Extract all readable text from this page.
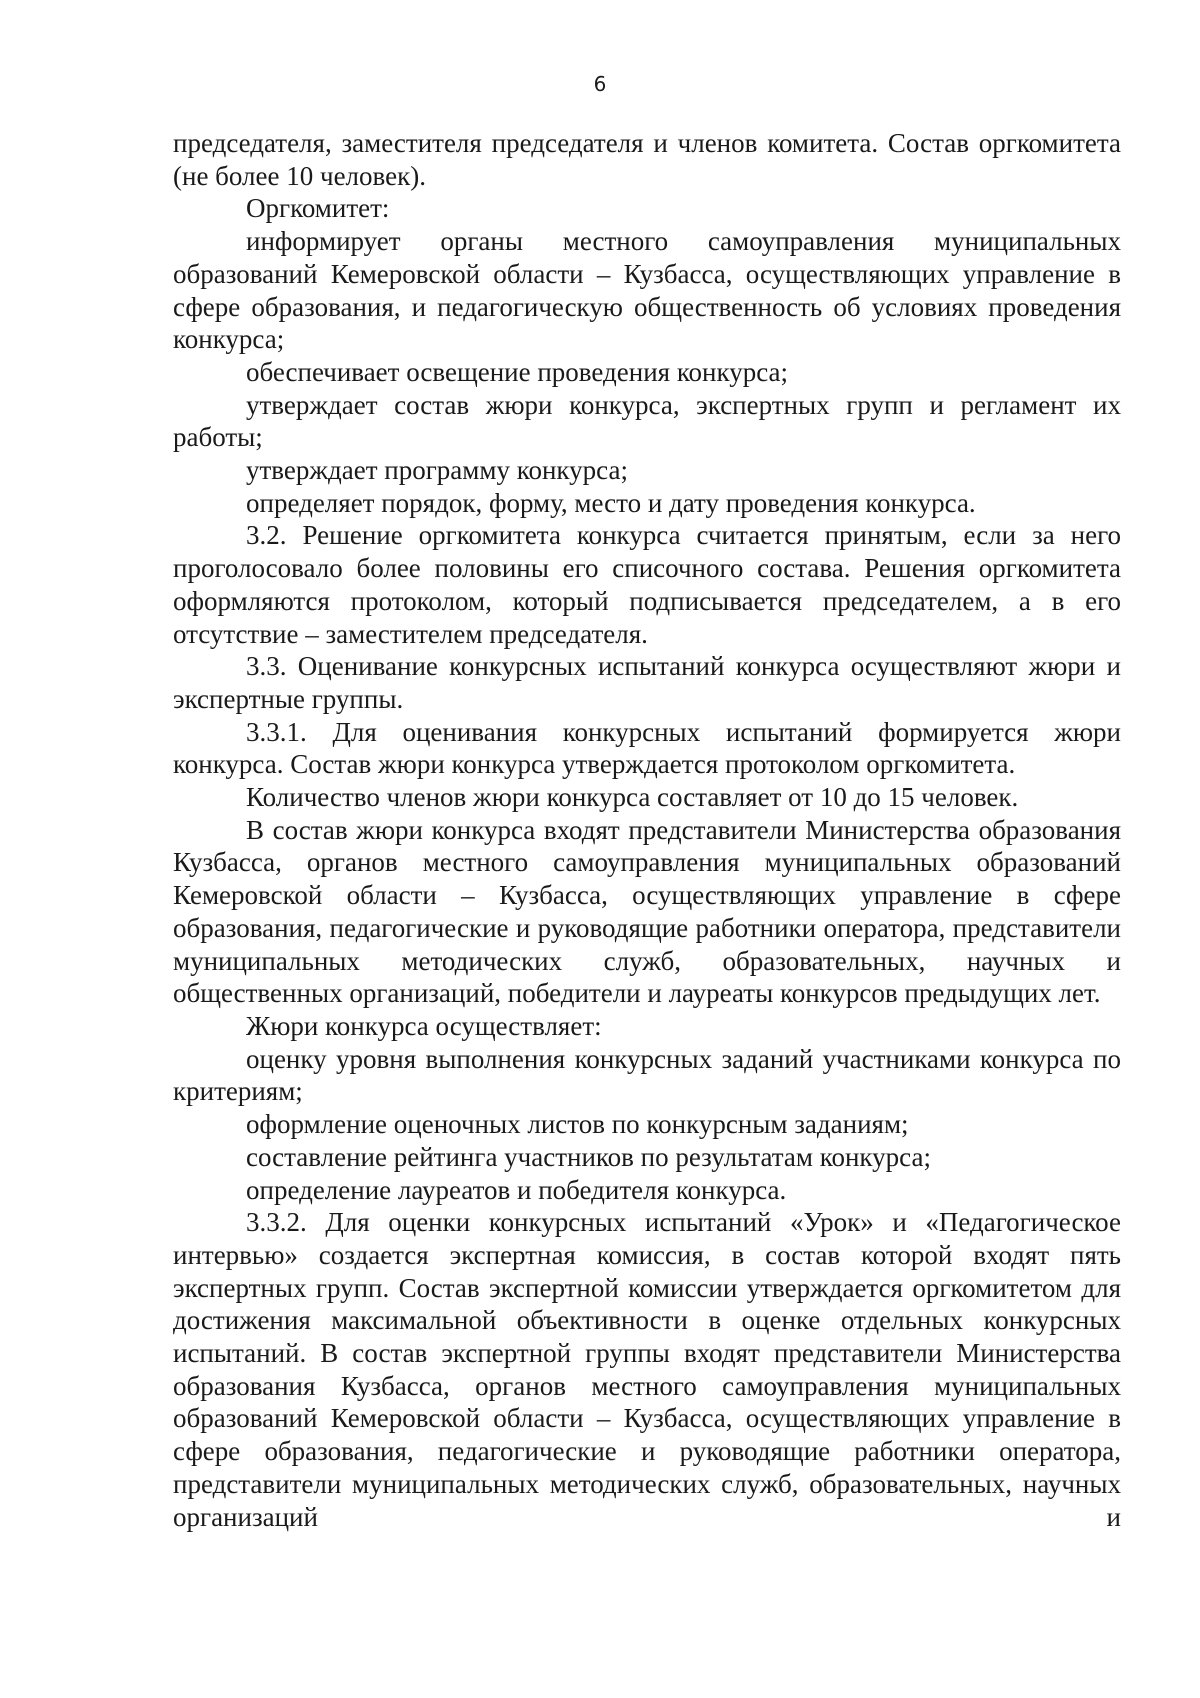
6

председателя, заместителя председателя и членов комитета. Состав оргкомитета (не более 10 человек).

Оргкомитет:

информирует органы местного самоуправления муниципальных образований Кемеровской области – Кузбасса, осуществляющих управление в сфере образования, и педагогическую общественность об условиях проведения конкурса;

обеспечивает освещение проведения конкурса;

утверждает состав жюри конкурса, экспертных групп и регламент их работы;

утверждает программу конкурса;

определяет порядок, форму, место и дату проведения конкурса.

3.2. Решение оргкомитета конкурса считается принятым, если за него проголосовало более половины его списочного состава. Решения оргкомитета оформляются протоколом, который подписывается председателем, а в его отсутствие – заместителем председателя.

3.3. Оценивание конкурсных испытаний конкурса осуществляют жюри и экспертные группы.

3.3.1. Для оценивания конкурсных испытаний формируется жюри конкурса. Состав жюри конкурса утверждается протоколом оргкомитета.

Количество членов жюри конкурса составляет от 10 до 15 человек.

В состав жюри конкурса входят представители Министерства образования Кузбасса, органов местного самоуправления муниципальных образований Кемеровской области – Кузбасса, осуществляющих управление в сфере образования, педагогические и руководящие работники оператора, представители муниципальных методических служб, образовательных, научных и общественных организаций, победители и лауреаты конкурсов предыдущих лет.

Жюри конкурса осуществляет:

оценку уровня выполнения конкурсных заданий участниками конкурса по критериям;

оформление оценочных листов по конкурсным заданиям;

составление рейтинга участников по результатам конкурса;

определение лауреатов и победителя конкурса.

3.3.2. Для оценки конкурсных испытаний «Урок» и «Педагогическое интервью» создается экспертная комиссия, в состав которой входят пять экспертных групп. Состав экспертной комиссии утверждается оргкомитетом для достижения максимальной объективности в оценке отдельных конкурсных испытаний. В состав экспертной группы входят представители Министерства образования Кузбасса, органов местного самоуправления муниципальных образований Кемеровской области – Кузбасса, осуществляющих управление в сфере образования, педагогические и руководящие работники оператора, представители муниципальных методических служб, образовательных, научных организаций и
